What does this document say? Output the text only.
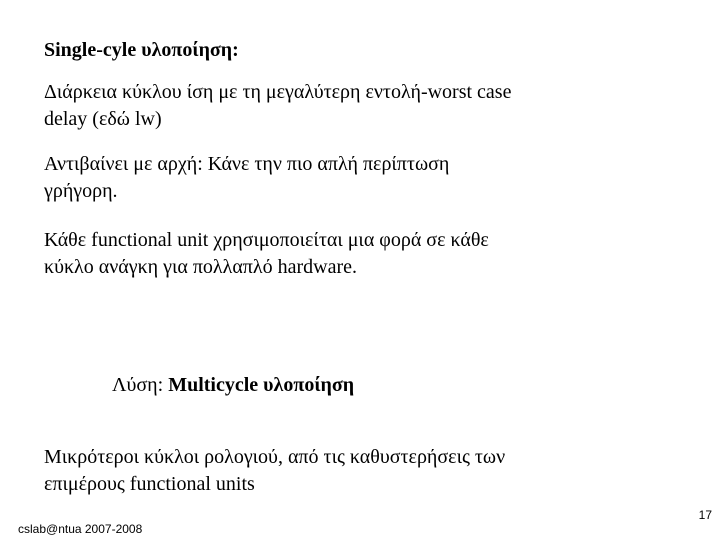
Single-cyle υλοποίηση:
Διάρκεια κύκλου ίση με τη μεγαλύτερη εντολή-worst case
delay (εδώ lw)
Αντιβαίνει με αρχή: Κάνε την πιο απλή περίπτωση
γρήγορη.
Κάθε functional unit χρησιμοποιείται μια φορά σε κάθε
κύκλο ανάγκη για πολλαπλό hardware.
Λύση: Multicycle υλοποίηση
Μικρότεροι κύκλοι ρολογιού, από τις καθυστερήσεις των
επιμέρους functional units
cslab@ntua 2007-2008
17
